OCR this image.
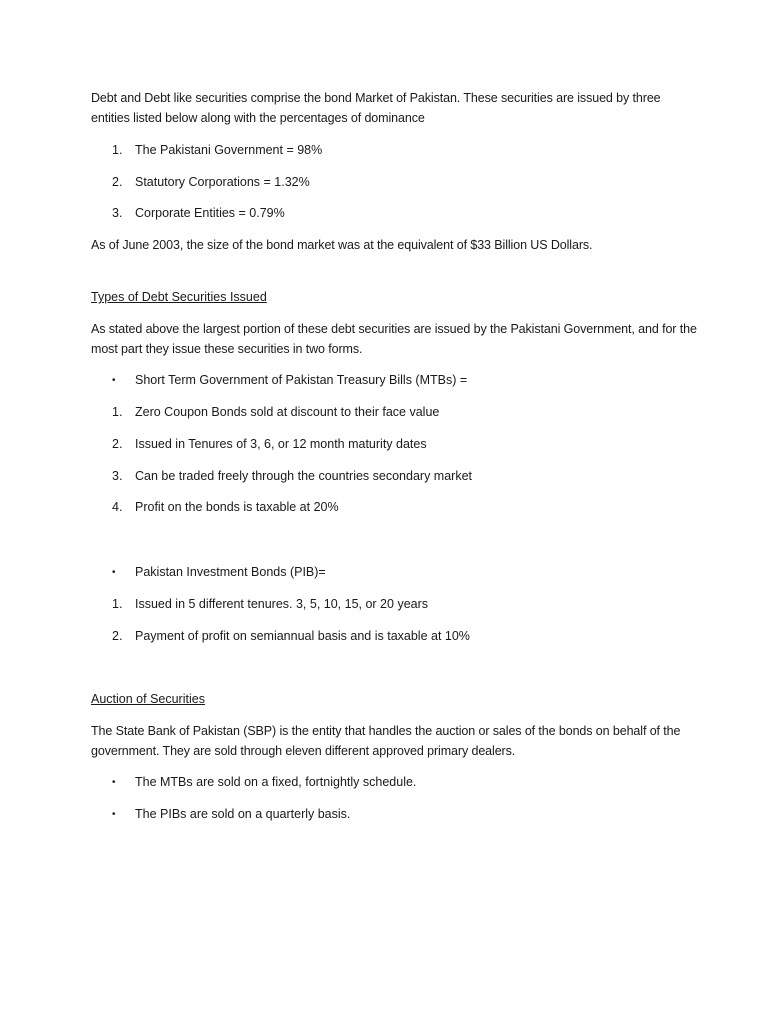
Debt and Debt like securities comprise the bond Market of Pakistan. These securities are issued by three entities listed below along with the percentages of dominance

1. The Pakistani Government = 98%
2. Statutory Corporations = 1.32%
3. Corporate Entities = 0.79%

As of June 2003, the size of the bond market was at the equivalent of $33 Billion US Dollars.

Types of Debt Securities Issued

As stated above the largest portion of these debt securities are issued by the Pakistani Government, and for the most part they issue these securities in two forms.

• Short Term Government of Pakistan Treasury Bills (MTBs) =
1. Zero Coupon Bonds sold at discount to their face value
2. Issued in Tenures of 3, 6, or 12 month maturity dates
3. Can be traded freely through the countries secondary market
4. Profit on the bonds is taxable at 20%
• Pakistan Investment Bonds (PIB)=
1. Issued in 5 different tenures. 3, 5, 10, 15, or 20 years
2. Payment of profit on semiannual basis and is taxable at 10%

Auction of Securities

The State Bank of Pakistan (SBP) is the entity that handles the auction or sales of the bonds on behalf of the government. They are sold through eleven different approved primary dealers.

• The MTBs are sold on a fixed, fortnightly schedule.
• The PIBs are sold on a quarterly basis.
